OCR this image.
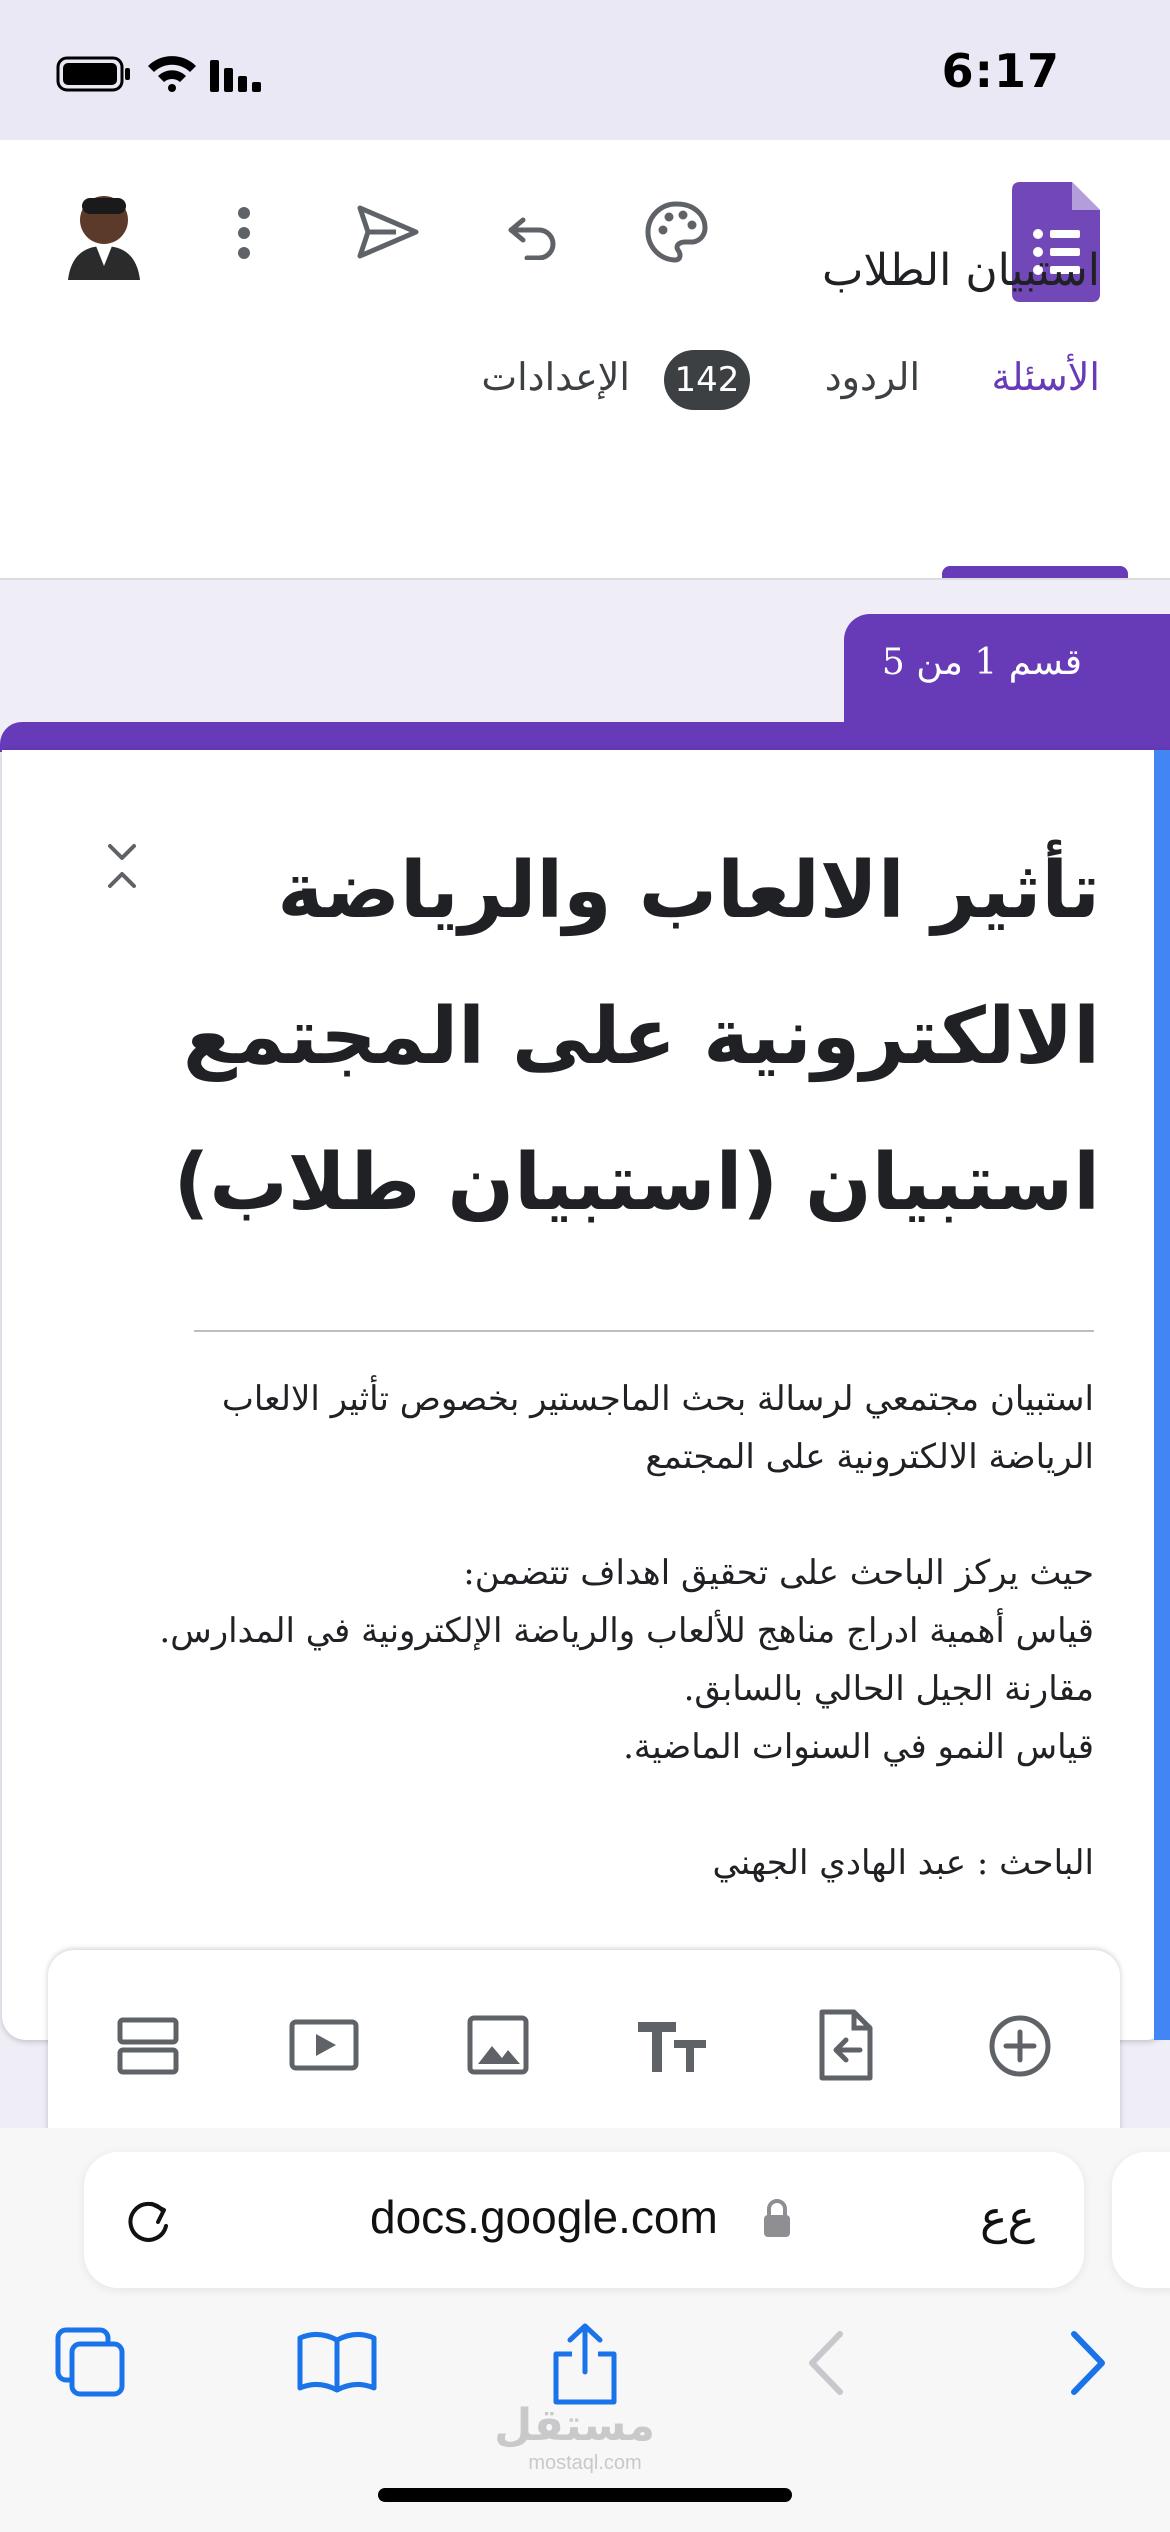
6:17
استبيان الطلاب
الأسئلة
الردود
142
الإعدادات
قسم 1 من 5
تأثير الالعاب والرياضة الالكترونية على المجتمع استبيان (استبيان طلاب)
استبيان مجتمعي لرسالة بحث الماجستير بخصوص تأثير الالعاب
الرياضة الالكترونية على المجتمع

حيث يركز الباحث على تحقيق اهداف تتضمن:
قياس أهمية ادراج مناهج للألعاب والرياضة الإلكترونية في المدارس.
مقارنة الجيل الحالي بالسابق.
قياس النمو في السنوات الماضية.

الباحث : عبد الهادي الجهني
docs.google.com	ع‌ع
مستقل
mostaql.com
